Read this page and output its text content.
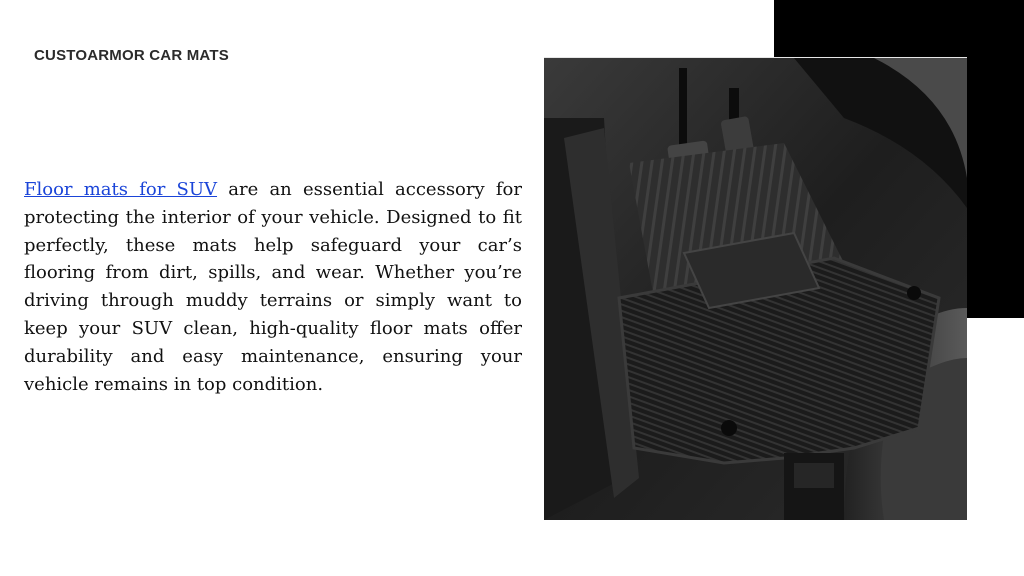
CUSTOARMOR CAR MATS

Floor mats for SUV are an essential accessory for protecting the interior of your vehicle. Designed to fit perfectly, these mats help safeguard your car’s flooring from dirt, spills, and wear. Whether you’re driving through muddy terrains or simply want to keep your SUV clean, high-quality floor mats offer durability and easy maintenance, ensuring your vehicle remains in top condition.
